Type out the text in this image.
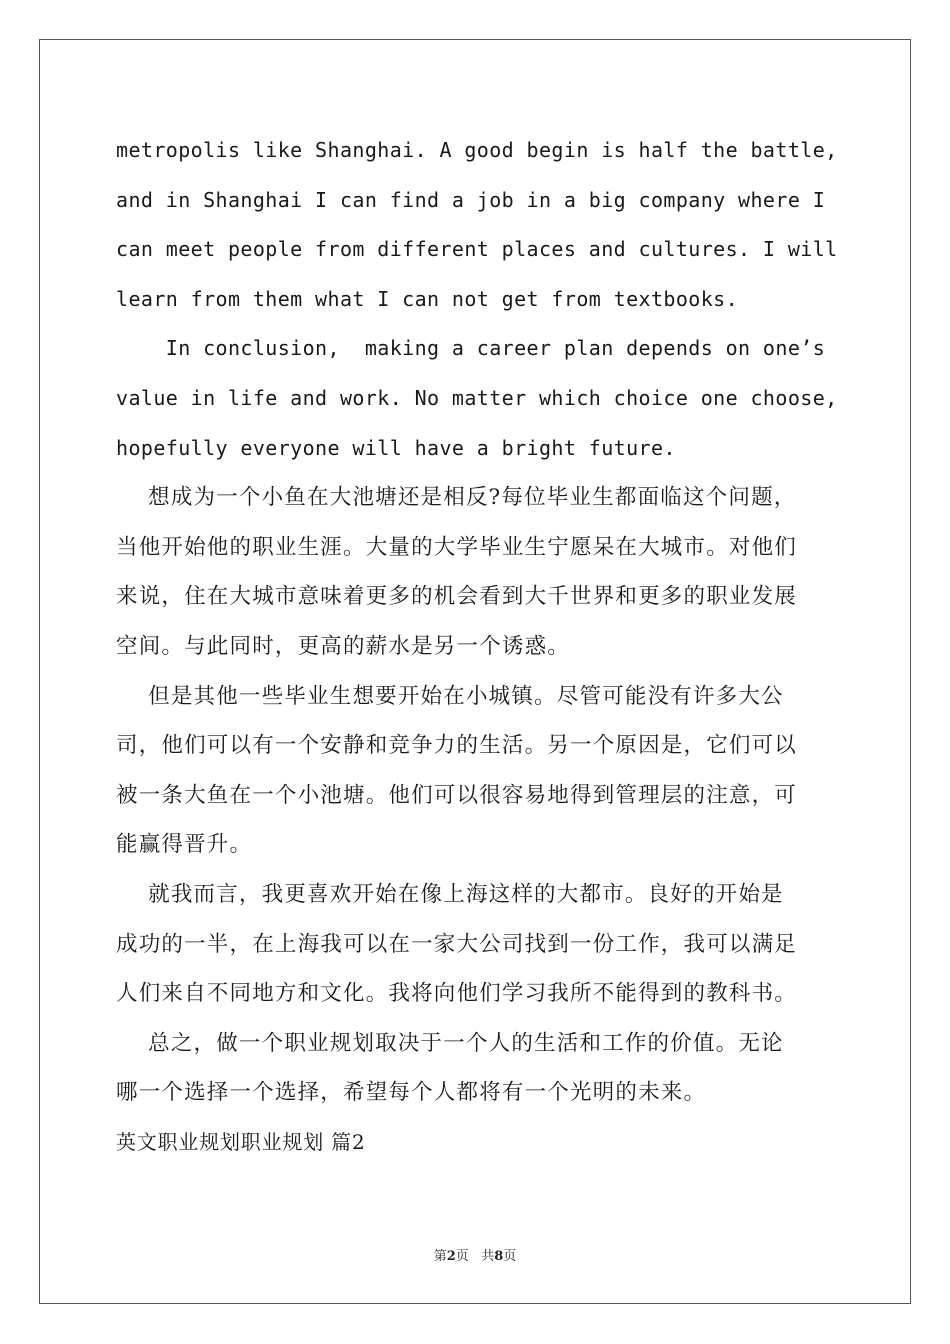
metropolis like Shanghai. A good begin is half the battle,
and in Shanghai I can find a job in a big company where I
can meet people from different places and cultures. I will
learn from them what I can not get from textbooks.
In conclusion,  making a career plan depends on one’s
value in life and work. No matter which choice one choose,
hopefully everyone will have a bright future.
想成为一个小鱼在大池塘还是相反?每位毕业生都面临这个问题，
当他开始他的职业生涯。大量的大学毕业生宁愿呆在大城市。对他们
来说，住在大城市意味着更多的机会看到大千世界和更多的职业发展
空间。与此同时，更高的薪水是另一个诱惑。
但是其他一些毕业生想要开始在小城镇。尽管可能没有许多大公
司，他们可以有一个安静和竞争力的生活。另一个原因是，它们可以
被一条大鱼在一个小池塘。他们可以很容易地得到管理层的注意，可
能赢得晋升。
就我而言，我更喜欢开始在像上海这样的大都市。良好的开始是
成功的一半，在上海我可以在一家大公司找到一份工作，我可以满足
人们来自不同地方和文化。我将向他们学习我所不能得到的教科书。
总之，做一个职业规划取决于一个人的生活和工作的价值。无论
哪一个选择一个选择，希望每个人都将有一个光明的未来。
英文职业规划职业规划 篇2
第2页 共8页
